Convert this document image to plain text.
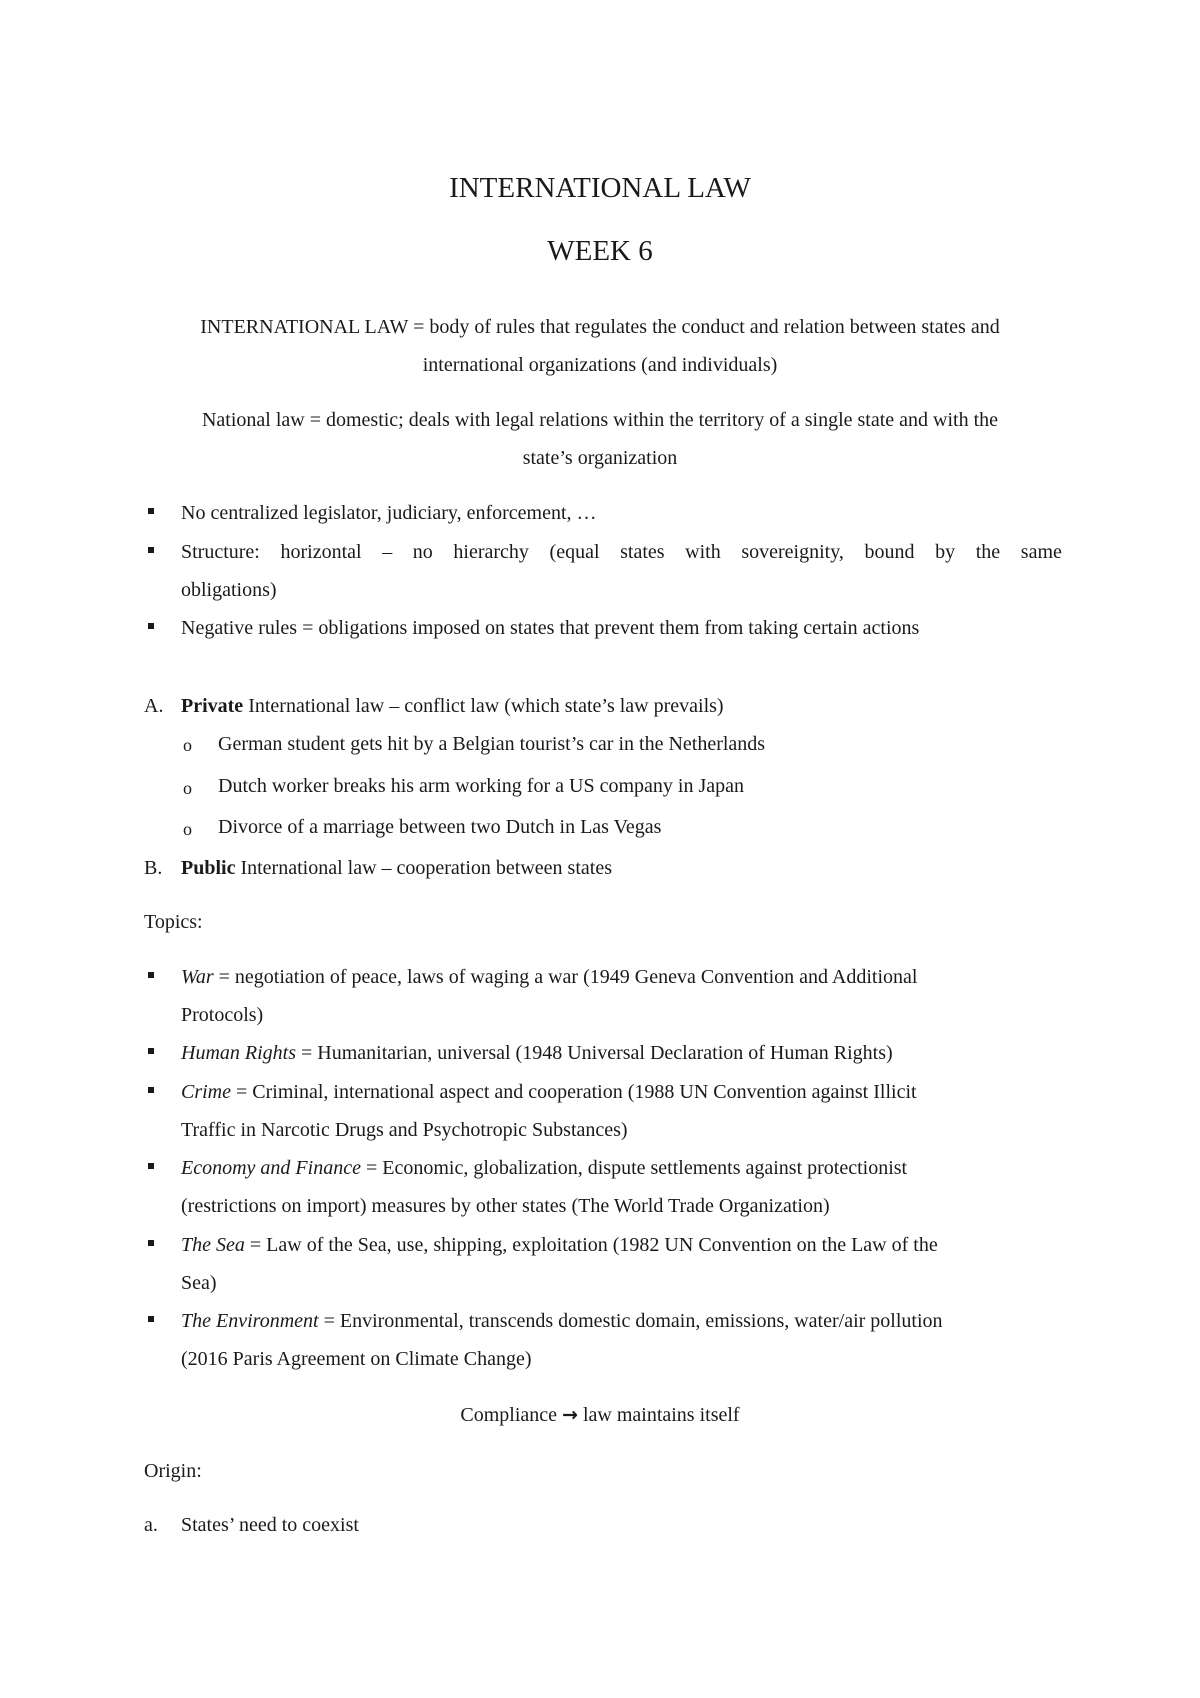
INTERNATIONAL LAW
WEEK 6
INTERNATIONAL LAW = body of rules that regulates the conduct and relation between states and
international organizations (and individuals)
National law = domestic; deals with legal relations within the territory of a single state and with the
state’s organization
No centralized legislator, judiciary, enforcement, …
Structure: horizontal – no hierarchy (equal states with sovereignity, bound by the same
obligations)
Negative rules = obligations imposed on states that prevent them from taking certain actions
A. Private International law – conflict law (which state’s law prevails)
o German student gets hit by a Belgian tourist’s car in the Netherlands
o Dutch worker breaks his arm working for a US company in Japan
o Divorce of a marriage between two Dutch in Las Vegas
B. Public International law – cooperation between states
Topics:
War = negotiation of peace, laws of waging a war (1949 Geneva Convention and Additional
Protocols)
Human Rights = Humanitarian, universal (1948 Universal Declaration of Human Rights)
Crime = Criminal, international aspect and cooperation (1988 UN Convention against Illicit
Traffic in Narcotic Drugs and Psychotropic Substances)
Economy and Finance = Economic, globalization, dispute settlements against protectionist
(restrictions on import) measures by other states (The World Trade Organization)
The Sea = Law of the Sea, use, shipping, exploitation (1982 UN Convention on the Law of the
Sea)
The Environment = Environmental, transcends domestic domain, emissions, water/air pollution
(2016 Paris Agreement on Climate Change)
Compliance → law maintains itself
Origin:
a. States’ need to coexist
